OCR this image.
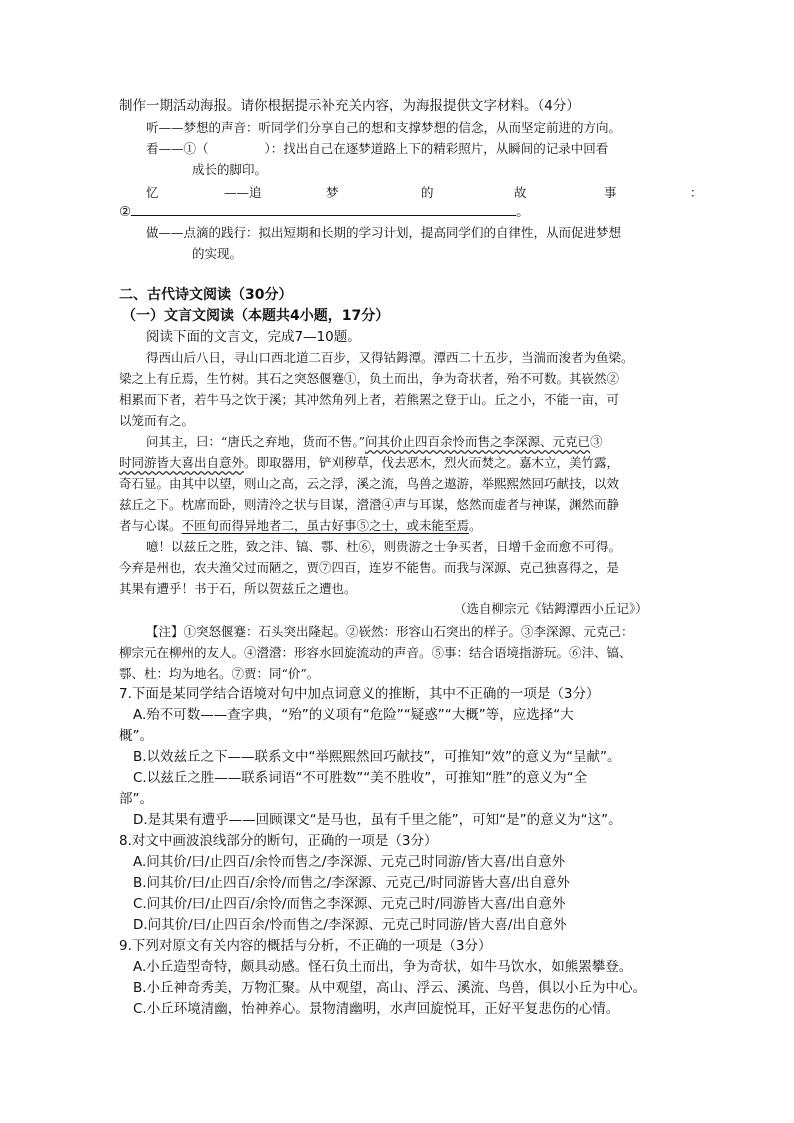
制作一期活动海报。请你根据提示补充关内容，为海报提供文字材料。（4分）
听——梦想的声音：听同学们分享自己的想和支撑梦想的信念，从而坚定前进的方向。
看——①（	）：找出自己在逐梦道路上下的精彩照片，从瞬间的记录中回看
成长的脚印。
忆	——追	梦	的	故	事	：
②	。
做——点滴的践行：拟出短期和长期的学习计划，提高同学们的自律性，从而促进梦想
的实现。
二、古代诗文阅读（30分）
（一）文言文阅读（本题共4小题，17分）
阅读下面的文言文，完成7—10题。
得西山后八日，寻山口西北道二百步，又得钴鉧潭。潭西二十五步，当湍而浚者为鱼梁。
梁之上有丘焉，生竹树。其石之突怒偃蹇①，负土而出，争为奇状者，殆不可数。其嵚然②
相累而下者，若牛马之饮于溪；其冲然角列上者，若熊罴之登于山。丘之小，不能一亩，可
以笼而有之。
问其主，曰：“唐氏之弃地，货而不售。”问其价止四百余怜而售之李深源、元克已③
时同游皆大喜出自意外。即取器用，铲刈秽草，伐去恶木，烈火而焚之。嘉木立，美竹露，
奇石显。由其中以望，则山之高，云之浮，溪之流，鸟兽之遨游，举熙熙然回巧献技，以效
兹丘之下。枕席而卧，则清泠之状与目谋，瀯瀯④声与耳谋，悠然而虚者与神谋，渊然而静
者与心谋。不匝旬而得异地者二，虽古好事⑤之士，或未能至焉。
噫！以兹丘之胜，致之沣、镐、鄠、杜⑥，则贵游之士争买者，日增千金而愈不可得。
今弃是州也，农夫渔父过而陋之，贾⑦四百，连岁不能售。而我与深源、克己独喜得之，是
其果有遭乎！书于石，所以贺兹丘之遭也。
（选自柳宗元《钴鉧潭西小丘记》）
【注】①突怒偃蹇：石头突出隆起。②嵚然：形容山石突出的样子。③李深源、元克己：
柳宗元在柳州的友人。④瀯瀯：形容水回旋流动的声音。⑤事：结合语境指游玩。⑥沣、镐、
鄠、杜：均为地名。⑦贾：同“价”。
7.下面是某同学结合语境对句中加点词意义的推断，其中不正确的一项是（3分）
A.殆不可数——查字典，“殆”的义项有“危险”“疑惑”“大概”等，应选择“大
概”。
B.以效兹丘之下——联系文中“举熙熙然回巧献技”，可推知“效”的意义为“呈献”。
C.以兹丘之胜——联系词语“不可胜数”“美不胜收”，可推知“胜”的意义为“全
部”。
D.是其果有遭乎——回顾课文“是马也，虽有千里之能”，可知“是”的意义为“这”。
8.对文中画波浪线部分的断句，正确的一项是（3分）
A.问其价/曰/止四百/余怜而售之/李深源、元克己时同游/皆大喜/出自意外
B.问其价/曰/止四百/余怜/而售之/李深源、元克己/时同游皆大喜/出自意外
C.问其价/曰/止四百/余怜/而售之李深源、元克己时/同游皆大喜/出自意外
D.问其价/曰/止四百余/怜而售之/李深源、元克己时同游/皆大喜/出自意外
9.下列对原文有关内容的概括与分析，不正确的一项是（3分）
A.小丘造型奇特，颇具动感。怪石负土而出，争为奇状，如牛马饮水，如熊罴攀登。
B.小丘神奇秀美，万物汇聚。从中观望，高山、浮云、溪流、鸟兽，俱以小丘为中心。
C.小丘环境清幽，怡神养心。景物清幽明，水声回旋悦耳，正好平复悲伤的心情。
